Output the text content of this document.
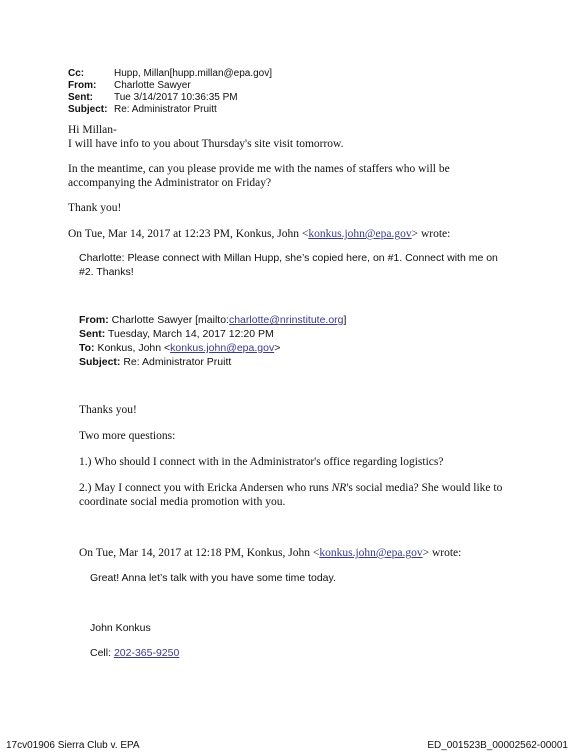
Cc:	Hupp, Millan[hupp.millan@epa.gov]
From: Charlotte Sawyer
Sent: Tue 3/14/2017 10:36:35 PM
Subject: Re: Administrator Pruitt
Hi Millan-
I will have info to you about Thursday's site visit tomorrow.
In the meantime, can you please provide me with the names of staffers who will be
accompanying the Administrator on Friday?
Thank you!
On Tue, Mar 14, 2017 at 12:23 PM, Konkus, John <konkus.john@epa.gov> wrote:
Charlotte: Please connect with Millan Hupp, she’s copied here, on #1. Connect with me on
#2. Thanks!
From: Charlotte Sawyer [mailto:charlotte@nrinstitute.org]
Sent: Tuesday, March 14, 2017 12:20 PM
To: Konkus, John <konkus.john@epa.gov>
Subject: Re: Administrator Pruitt
Thanks you!
Two more questions:
1.) Who should I connect with in the Administrator's office regarding logistics?
2.) May I connect you with Ericka Andersen who runs NR's social media? She would like to
coordinate social media promotion with you.
On Tue, Mar 14, 2017 at 12:18 PM, Konkus, John <konkus.john@epa.gov> wrote:
Great! Anna let’s talk with you have some time today.
John Konkus
Cell: 202-365-9250
17cv01906 Sierra Club v. EPA	ED_001523B_00002562-00001
